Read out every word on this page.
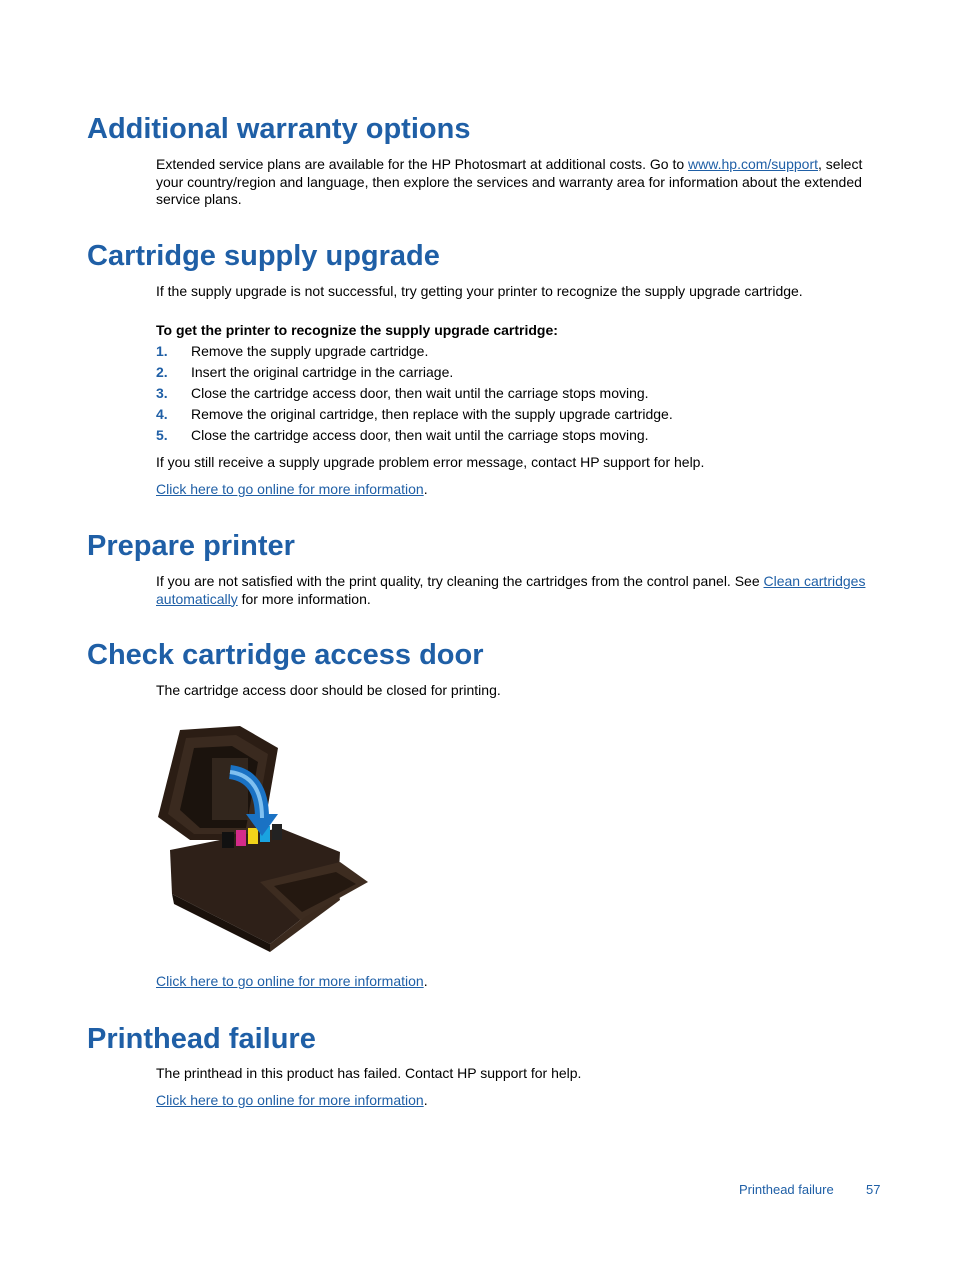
Additional warranty options

Extended service plans are available for the HP Photosmart at additional costs. Go to www.hp.com/support, select your country/region and language, then explore the services and warranty area for information about the extended service plans.

Cartridge supply upgrade

If the supply upgrade is not successful, try getting your printer to recognize the supply upgrade cartridge.

To get the printer to recognize the supply upgrade cartridge:

1. Remove the supply upgrade cartridge.
2. Insert the original cartridge in the carriage.
3. Close the cartridge access door, then wait until the carriage stops moving.
4. Remove the original cartridge, then replace with the supply upgrade cartridge.
5. Close the cartridge access door, then wait until the carriage stops moving.

If you still receive a supply upgrade problem error message, contact HP support for help.

Click here to go online for more information.

Prepare printer

If you are not satisfied with the print quality, try cleaning the cartridges from the control panel. See Clean cartridges automatically for more information.

Check cartridge access door

The cartridge access door should be closed for printing.

Click here to go online for more information.

Printhead failure

The printhead in this product has failed. Contact HP support for help.

Click here to go online for more information.

Printhead failure 57
